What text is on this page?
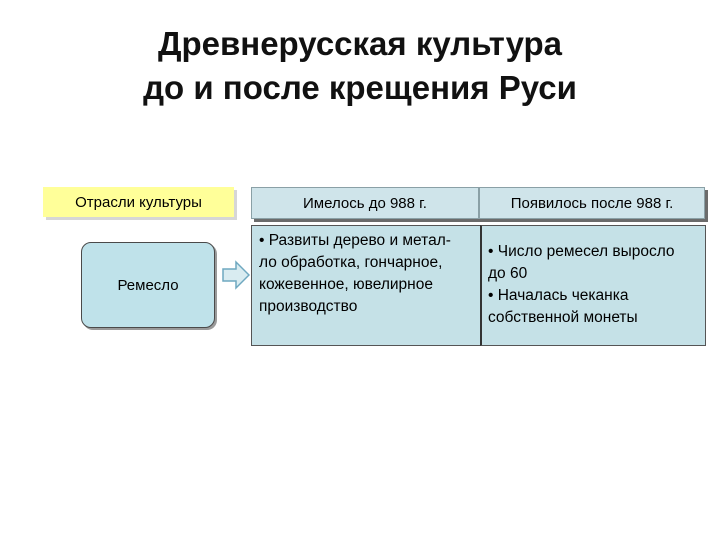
Древнерусская культура
до и после крещения Руси
Отрасли культуры	Имелось до 988 г.	Появилось после 988 г.
Ремесло
• Развиты дерево и метал-
ло обработка, гончарное,
кожевенное, ювелирное
производство
• Число ремесел выросло
до 60
• Началась чеканка
собственной монеты
